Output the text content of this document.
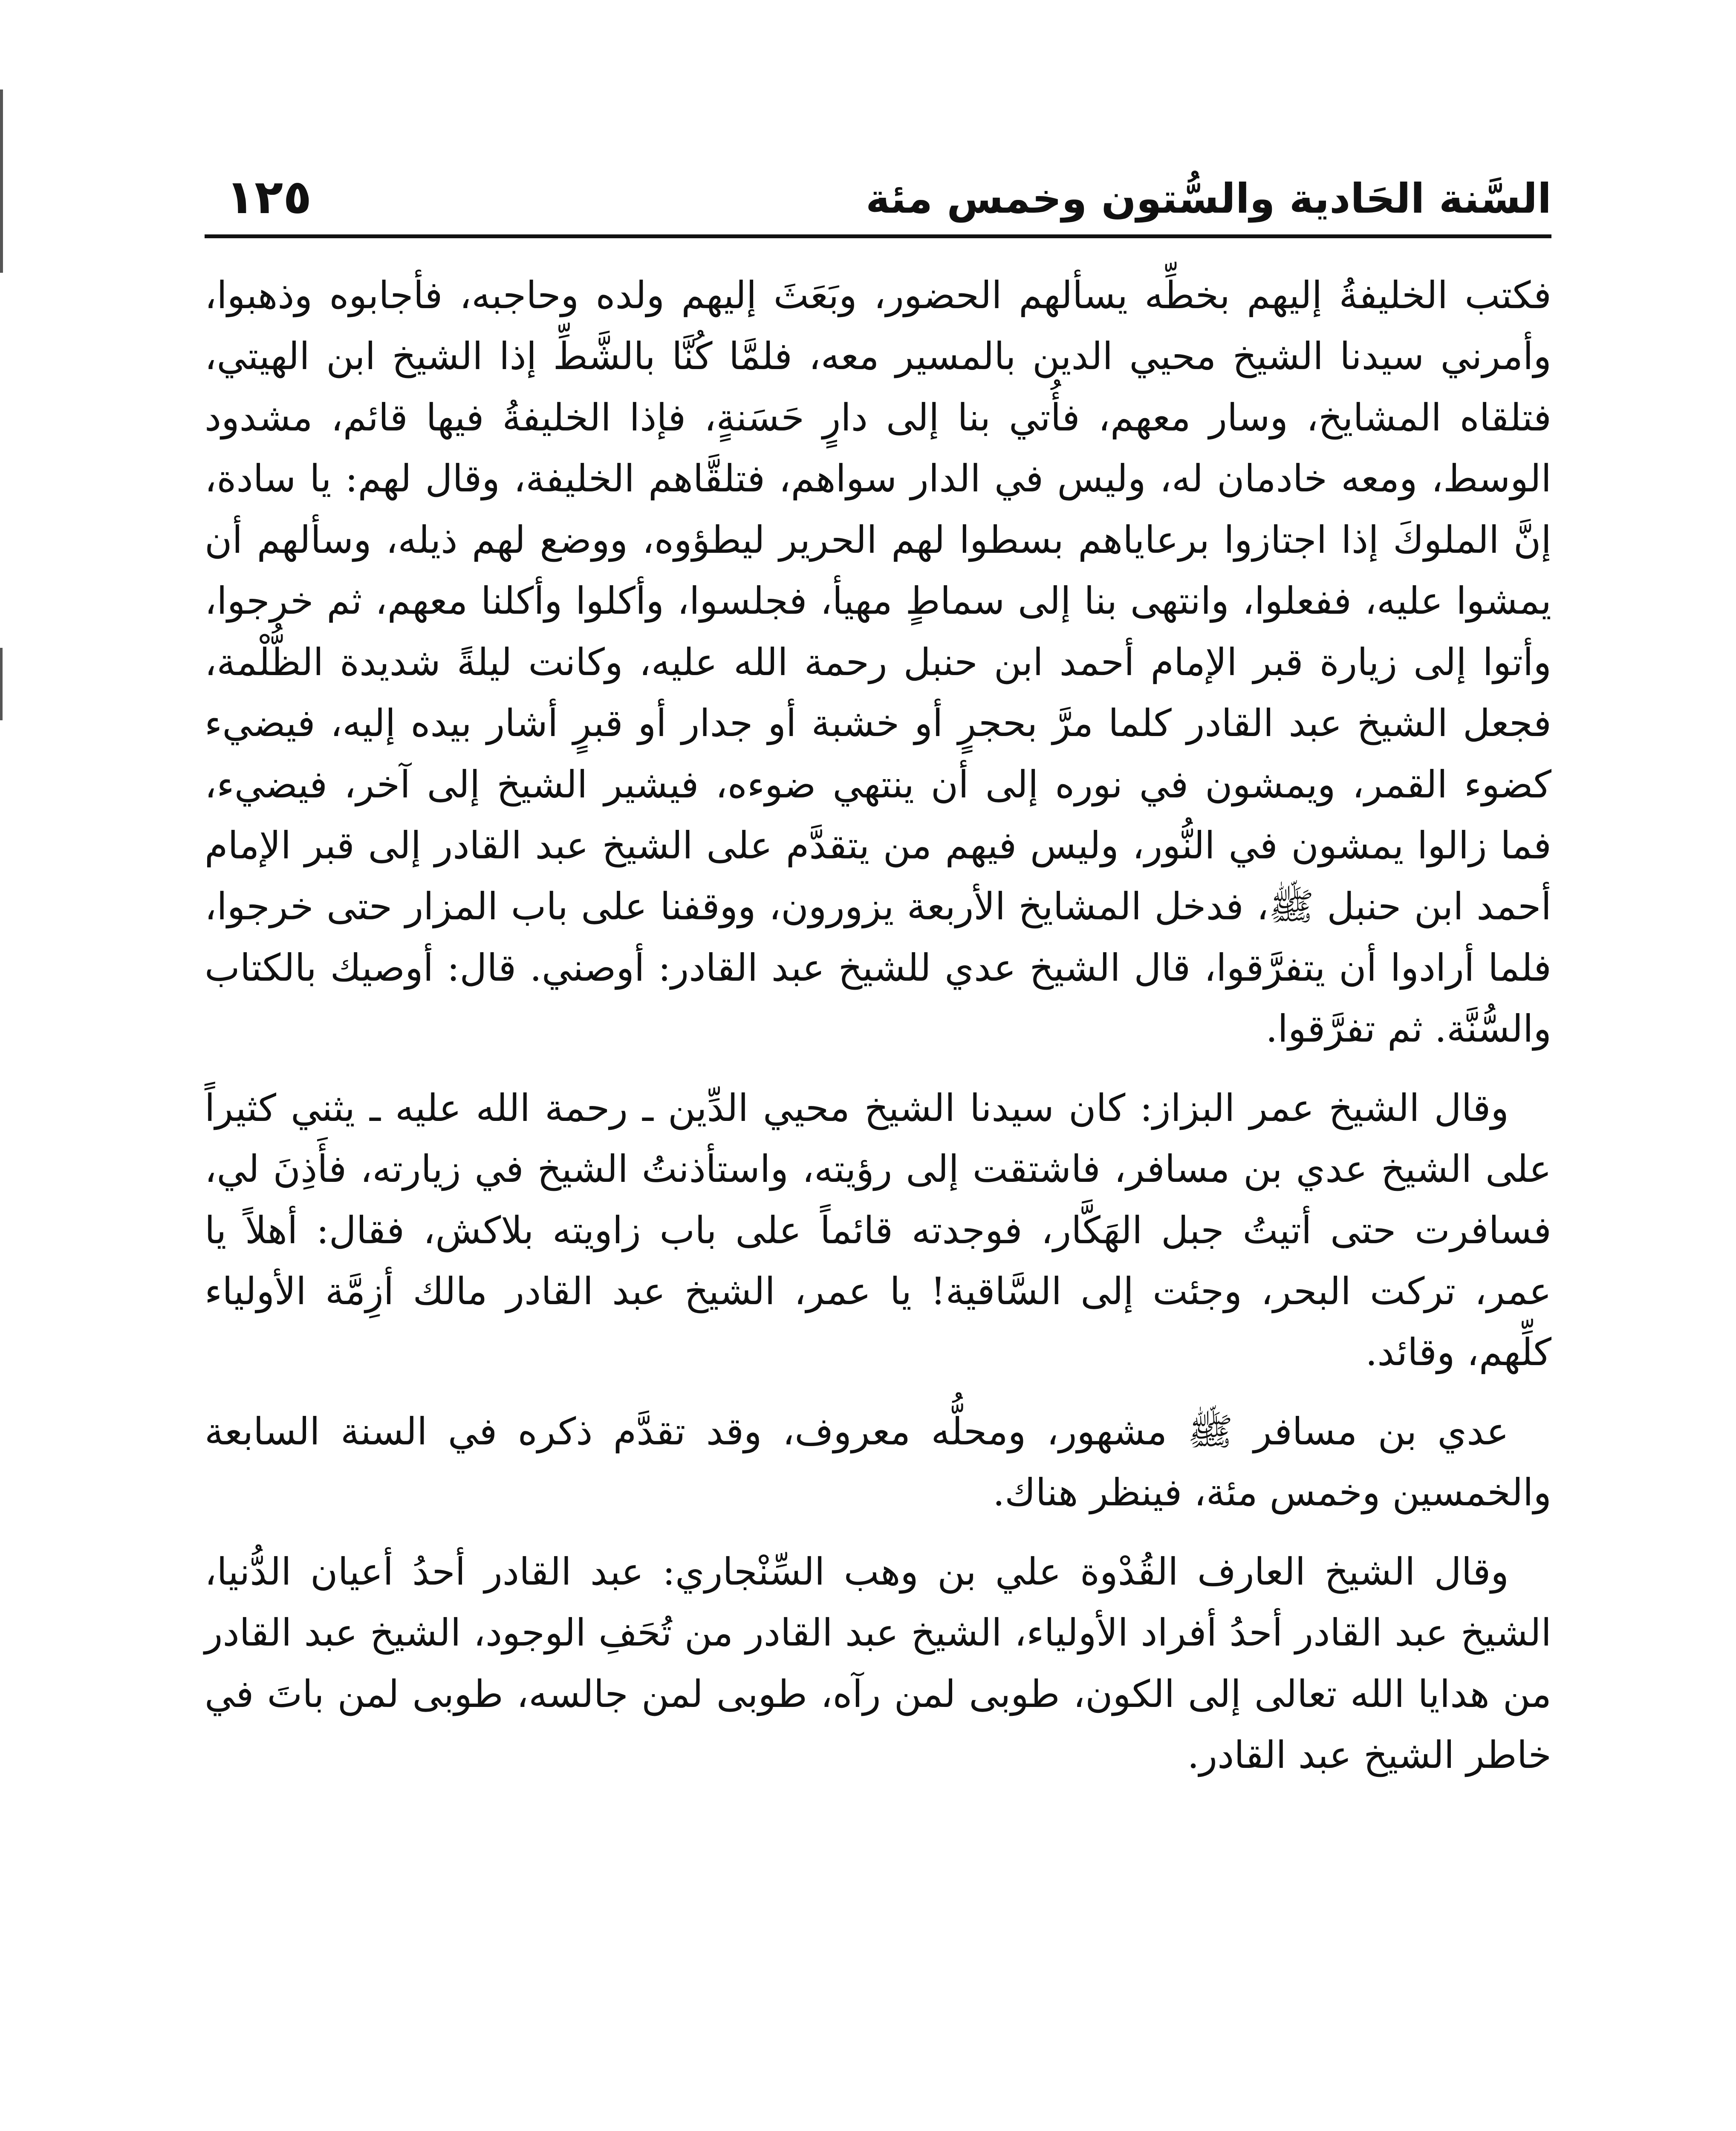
السَّنة الحَادية والسُّتون وخمس مئة
١٢٥

فكتب الخليفةُ إليهم بخطِّه يسألهم الحضور، وبَعَثَ إليهم ولده وحاجبه، فأجابوه وذهبوا، وأمرني سيدنا الشيخ محيي الدين بالمسير معه، فلمَّا كُنَّا بالشَّطِّ إذا الشيخ ابن الهيتي، فتلقاه المشايخ، وسار معهم، فأُتي بنا إلى دارٍ حَسَنةٍ، فإذا الخليفةُ فيها قائم، مشدود الوسط، ومعه خادمان له، وليس في الدار سواهم، فتلقَّاهم الخليفة، وقال لهم: يا سادة، إنَّ الملوكَ إذا اجتازوا برعاياهم بسطوا لهم الحرير ليطؤوه، ووضع لهم ذيله، وسألهم أن يمشوا عليه، ففعلوا، وانتهى بنا إلى سماطٍ مهيأ، فجلسوا، وأكلوا وأكلنا معهم، ثم خرجوا، وأتوا إلى زيارة قبر الإمام أحمد ابن حنبل رحمة الله عليه، وكانت ليلةً شديدة الظُّلْمة، فجعل الشيخ عبد القادر كلما مرَّ بحجرٍ أو خشبة أو جدار أو قبرٍ أشار بيده إليه، فيضيء كضوء القمر، ويمشون في نوره إلى أن ينتهي ضوءه، فيشير الشيخ إلى آخر، فيضيء، فما زالوا يمشون في النُّور، وليس فيهم من يتقدَّم على الشيخ عبد القادر إلى قبر الإمام أحمد ابن حنبل ﷺ، فدخل المشايخ الأربعة يزورون، ووقفنا على باب المزار حتى خرجوا، فلما أرادوا أن يتفرَّقوا، قال الشيخ عدي للشيخ عبد القادر: أوصني. قال: أوصيك بالكتاب والسُّنَّة. ثم تفرَّقوا.

وقال الشيخ عمر البزاز: كان سيدنا الشيخ محيي الدِّين ـ رحمة الله عليه ـ يثني كثيراً على الشيخ عدي بن مسافر، فاشتقت إلى رؤيته، واستأذنتُ الشيخ في زيارته، فأَذِنَ لي، فسافرت حتى أتيتُ جبل الهَكَّار، فوجدته قائماً على باب زاويته بلاكش، فقال: أهلاً يا عمر، تركت البحر، وجئت إلى السَّاقية! يا عمر، الشيخ عبد القادر مالك أزِمَّة الأولياء كلِّهم، وقائد.

عدي بن مسافر ﷺ مشهور، ومحلُّه معروف، وقد تقدَّم ذكره في السنة السابعة والخمسين وخمس مئة، فينظر هناك.

وقال الشيخ العارف القُدْوة علي بن وهب السِّنْجاري: عبد القادر أحدُ أعيان الدُّنيا، الشيخ عبد القادر أحدُ أفراد الأولياء، الشيخ عبد القادر من تُحَفِ الوجود، الشيخ عبد القادر من هدايا الله تعالى إلى الكون، طوبى لمن رآه، طوبى لمن جالسه، طوبى لمن باتَ في خاطر الشيخ عبد القادر.
